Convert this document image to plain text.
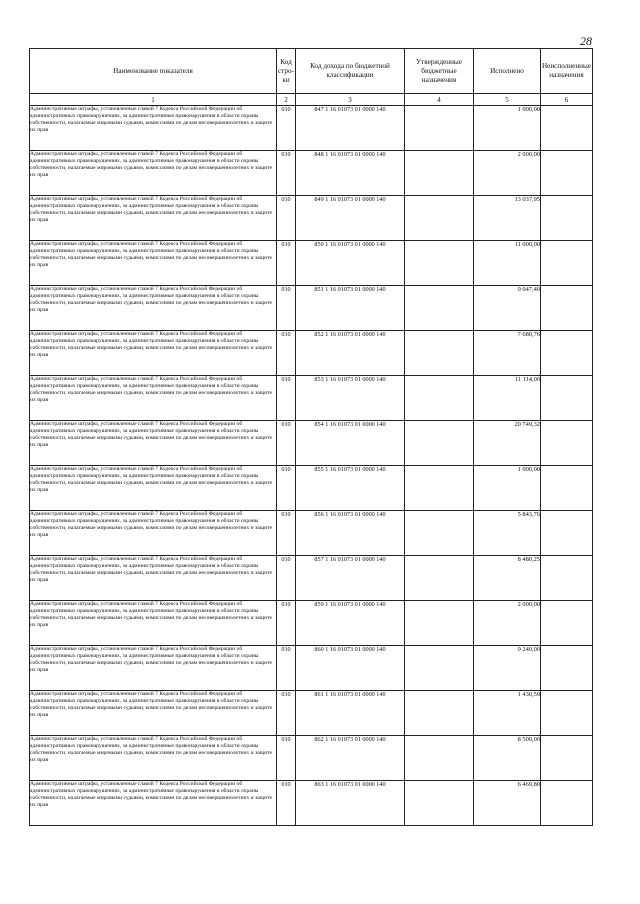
28
Наименование показателя	Код стро-ки	Код дохода по бюджетной классификации	Утвержденные бюджетные назначения	Исполнено	Неисполненные назначения
1	2	3	4	5	6
Административные штрафы, установленные главой 7 Кодекса Российской Федерации об административных правонарушениях, за административные правонарушения в области охраны собственности, налагаемые мировыми судьями, комиссиями по делам несовершеннолетних и защите их прав	010	847 1 16 01073 01 0000 140		1 000,00	
Административные штрафы, установленные главой 7 Кодекса Российской Федерации об административных правонарушениях, за административные правонарушения в области охраны собственности, налагаемые мировыми судьями, комиссиями по делам несовершеннолетних и защите их прав	010	848 1 16 01073 01 0000 140		2 000,00	
Административные штрафы, установленные главой 7 Кодекса Российской Федерации об административных правонарушениях, за административные правонарушения в области охраны собственности, налагаемые мировыми судьями, комиссиями по делам несовершеннолетних и защите их прав	010	849 1 16 01073 01 0000 140		13 037,95	
Административные штрафы, установленные главой 7 Кодекса Российской Федерации об административных правонарушениях, за административные правонарушения в области охраны собственности, налагаемые мировыми судьями, комиссиями по делам несовершеннолетних и защите их прав	010	850 1 16 01073 01 0000 140		11 000,00	
Административные штрафы, установленные главой 7 Кодекса Российской Федерации об административных правонарушениях, за административные правонарушения в области охраны собственности, налагаемые мировыми судьями, комиссиями по делам несовершеннолетних и защите их прав	010	851 1 16 01073 01 0000 140		9 047,40	
Административные штрафы, установленные главой 7 Кодекса Российской Федерации об административных правонарушениях, за административные правонарушения в области охраны собственности, налагаемые мировыми судьями, комиссиями по делам несовершеннолетних и защите их прав	010	852 1 16 01073 01 0000 140		7 680,76	
Административные штрафы, установленные главой 7 Кодекса Российской Федерации об административных правонарушениях, за административные правонарушения в области охраны собственности, налагаемые мировыми судьями, комиссиями по делам несовершеннолетних и защите их прав	010	853 1 16 01073 01 0000 140		11 114,00	
Административные штрафы, установленные главой 7 Кодекса Российской Федерации об административных правонарушениях, за административные правонарушения в области охраны собственности, налагаемые мировыми судьями, комиссиями по делам несовершеннолетних и защите их прав	010	854 1 16 01073 01 0000 140		20 749,32	
Административные штрафы, установленные главой 7 Кодекса Российской Федерации об административных правонарушениях, за административные правонарушения в области охраны собственности, налагаемые мировыми судьями, комиссиями по делам несовершеннолетних и защите их прав	010	855 1 16 01073 01 0000 140		1 000,00	
Административные штрафы, установленные главой 7 Кодекса Российской Федерации об административных правонарушениях, за административные правонарушения в области охраны собственности, налагаемые мировыми судьями, комиссиями по делам несовершеннолетних и защите их прав	010	856 1 16 01073 01 0000 140		5 843,76	
Административные штрафы, установленные главой 7 Кодекса Российской Федерации об административных правонарушениях, за административные правонарушения в области охраны собственности, налагаемые мировыми судьями, комиссиями по делам несовершеннолетних и защите их прав	010	857 1 16 01073 01 0000 140		8 480,25	
Административные штрафы, установленные главой 7 Кодекса Российской Федерации об административных правонарушениях, за административные правонарушения в области охраны собственности, налагаемые мировыми судьями, комиссиями по делам несовершеннолетних и защите их прав	010	859 1 16 01073 01 0000 140		2 000,00	
Административные штрафы, установленные главой 7 Кодекса Российской Федерации об административных правонарушениях, за административные правонарушения в области охраны собственности, налагаемые мировыми судьями, комиссиями по делам несовершеннолетних и защите их прав	010	860 1 16 01073 01 0000 140		9 240,00	
Административные штрафы, установленные главой 7 Кодекса Российской Федерации об административных правонарушениях, за административные правонарушения в области охраны собственности, налагаемые мировыми судьями, комиссиями по делам несовершеннолетних и защите их прав	010	861 1 16 01073 01 0000 140		1 430,59	
Административные штрафы, установленные главой 7 Кодекса Российской Федерации об административных правонарушениях, за административные правонарушения в области охраны собственности, налагаемые мировыми судьями, комиссиями по делам несовершеннолетних и защите их прав	010	862 1 16 01073 01 0000 140		8 500,00	
Административные штрафы, установленные главой 7 Кодекса Российской Федерации об административных правонарушениях, за административные правонарушения в области охраны собственности, налагаемые мировыми судьями, комиссиями по делам несовершеннолетних и защите их прав	010	863 1 16 01073 01 0000 140		6 469,80	
